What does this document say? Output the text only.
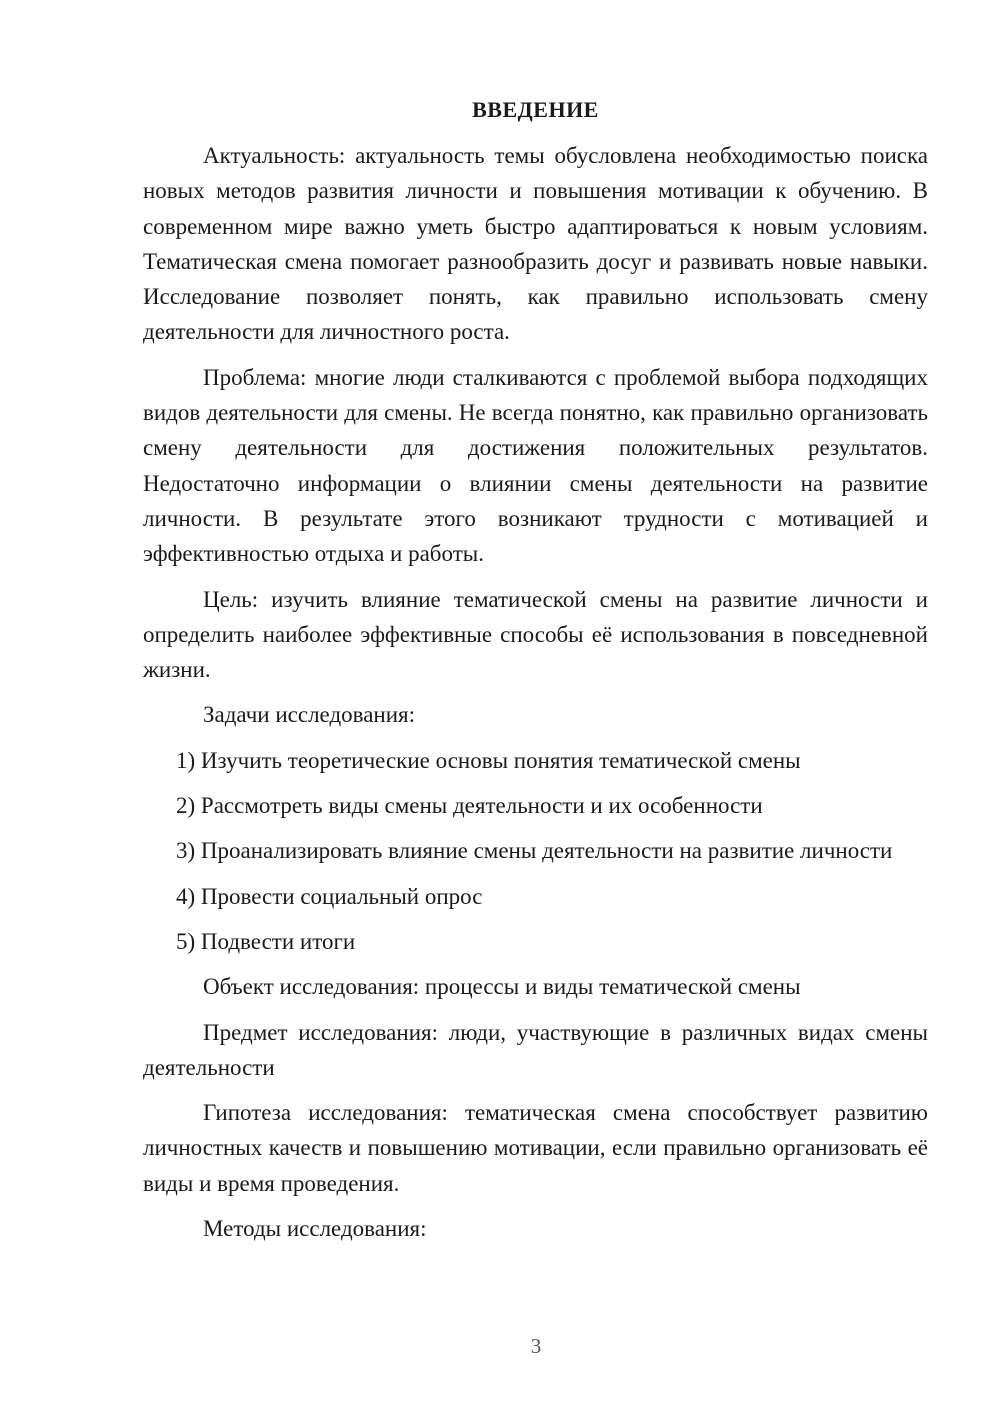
ВВЕДЕНИЕ

Актуальность: актуальность темы обусловлена необходимостью поиска новых методов развития личности и повышения мотивации к обучению. В современном мире важно уметь быстро адаптироваться к новым условиям. Тематическая смена помогает разнообразить досуг и развивать новые навыки. Исследование позволяет понять, как правильно использовать смену деятельности для личностного роста.

Проблема: многие люди сталкиваются с проблемой выбора подходящих видов деятельности для смены. Не всегда понятно, как правильно организовать смену деятельности для достижения положительных результатов. Недостаточно информации о влиянии смены деятельности на развитие личности. В результате этого возникают трудности с мотивацией и эффективностью отдыха и работы.

Цель: изучить влияние тематической смены на развитие личности и определить наиболее эффективные способы её использования в повседневной жизни.

Задачи исследования:

1) Изучить теоретические основы понятия тематической смены

2) Рассмотреть виды смены деятельности и их особенности

3) Проанализировать влияние смены деятельности на развитие личности

4) Провести социальный опрос

5) Подвести итоги

Объект исследования: процессы и виды тематической смены

Предмет исследования: люди, участвующие в различных видах смены деятельности

Гипотеза исследования: тематическая смена способствует развитию личностных качеств и повышению мотивации, если правильно организовать её виды и время проведения.

Методы исследования:

3
